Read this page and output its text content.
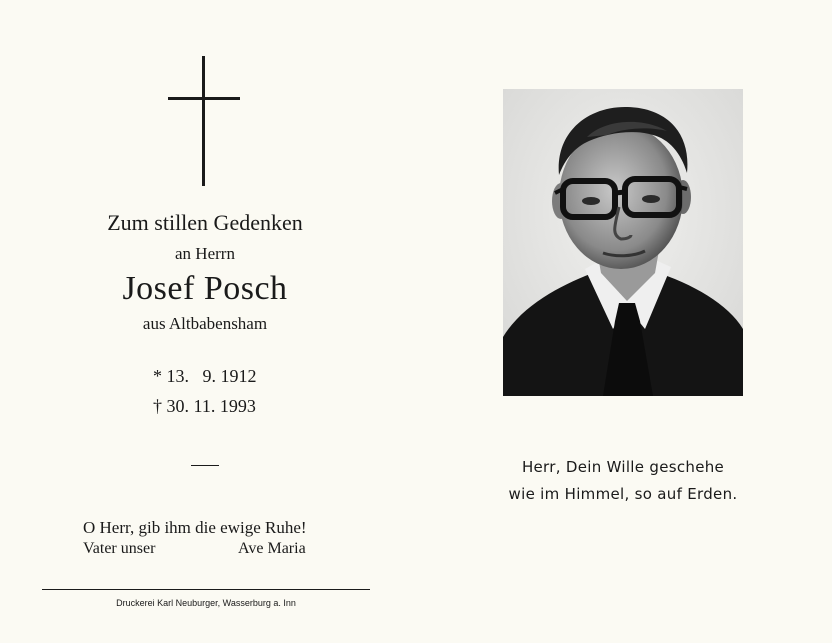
Zum stillen Gedenken
an Herrn
Josef Posch
aus Altbabensham
* 13.   9. 1912
† 30. 11. 1993
O Herr, gib ihm die ewige Ruhe!
Vater unser	Ave Maria
Druckerei Karl Neuburger, Wasserburg a. Inn
Herr, Dein Wille geschehe
wie im Himmel, so auf Erden.
